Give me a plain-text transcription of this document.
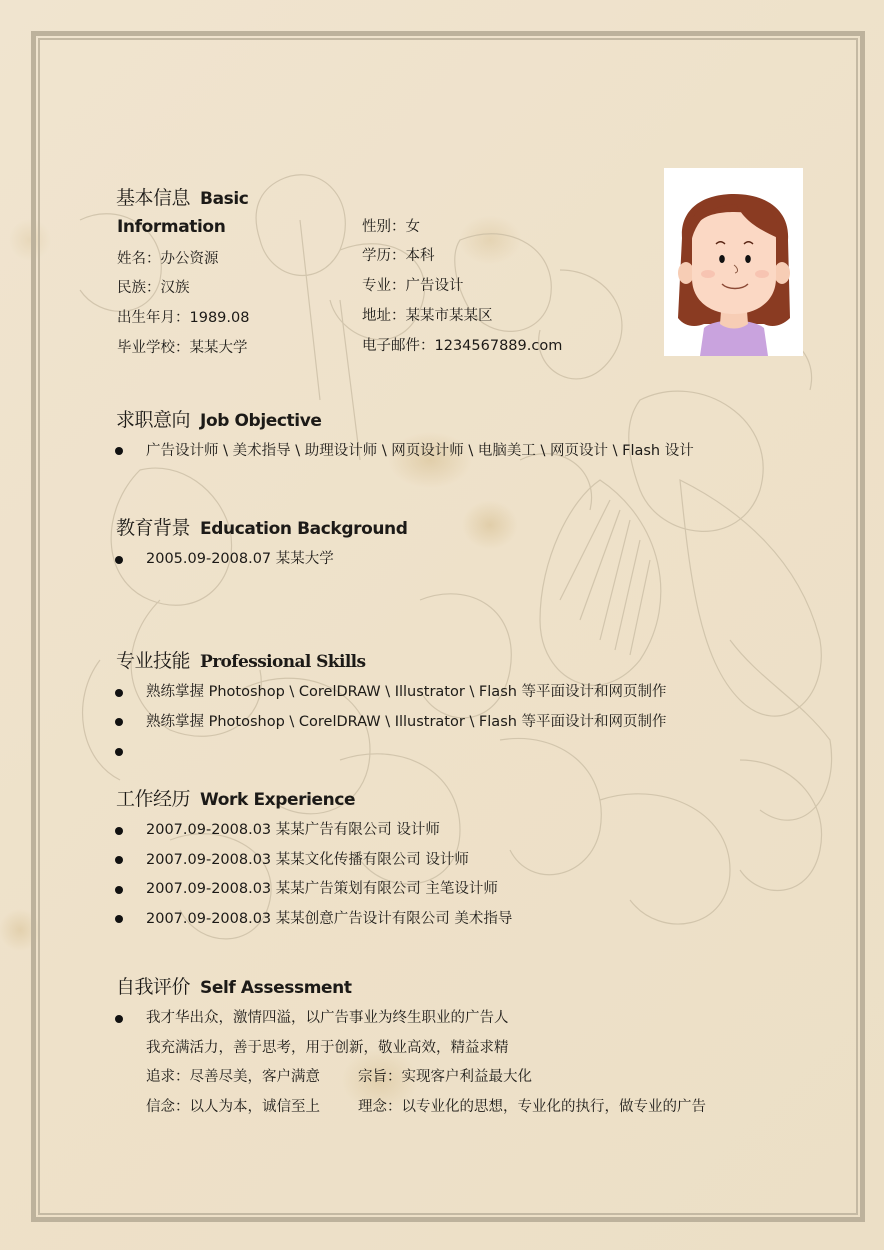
基本信息 Basic
Information
姓名：办公资源
民族：汉族
出生年月：1989.08
毕业学校：某某大学
性别：女
学历：本科
专业：广告设计
地址：某某市某某区
电子邮件：1234567889.com
求职意向 Job Objective
广告设计师 \ 美术指导 \ 助理设计师 \ 网页设计师 \ 电脑美工 \ 网页设计 \ Flash 设计
教育背景 Education Background
2005.09-2008.07 某某大学
专业技能 Professional Skills
熟练掌握 Photoshop \ CorelDRAW \ Illustrator \ Flash 等平面设计和网页制作
熟练掌握 Photoshop \ CorelDRAW \ Illustrator \ Flash 等平面设计和网页制作
工作经历 Work Experience
2007.09-2008.03 某某广告有限公司 设计师
2007.09-2008.03 某某文化传播有限公司 设计师
2007.09-2008.03 某某广告策划有限公司 主笔设计师
2007.09-2008.03 某某创意广告设计有限公司 美术指导
自我评价 Self Assessment
我才华出众，激情四溢，以广告事业为终生职业的广告人
我充满活力，善于思考，用于创新，敬业高效，精益求精
追求：尽善尽美，客户满意	宗旨：实现客户利益最大化
信念：以人为本，诚信至上	理念：以专业化的思想，专业化的执行，做专业的广告
